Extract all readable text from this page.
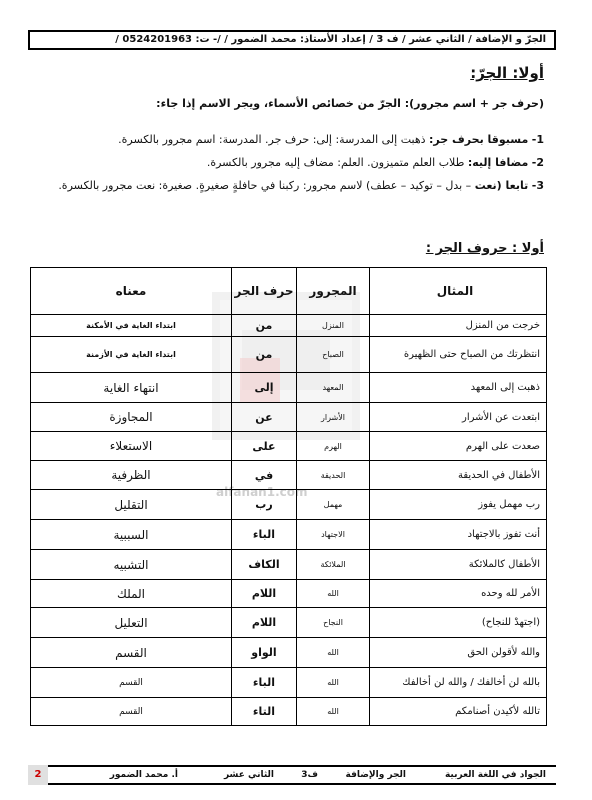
الجرّ و الإضافة / الثاني عشر / ف 3 / إعداد الأستاذ: محمد الضمور / /- ت: 0524201963 /
أولا: الجرّ:
(حرف جر + اسم مجرور): الجرّ من خصائص الأسماء، ويجر الاسم إذا جاء:
1- مسبوقا بحرف جر: ذهبت إلى المدرسة: إلى: حرف جر. المدرسة: اسم مجرور بالكسرة.
2- مضافا إليه: طلاب العلم متميزون. العلم: مضاف إليه مجرور بالكسرة.
3- تابعا (نعت – بدل – توكيد – عطف) لاسم مجرور: ركبنا في حافلةٍ صغيرةٍ. صغيرة: نعت مجرور بالكسرة.
أولا : حروف الجر :
alfanan1.com
المثال	المجرور	حرف الجر	معناه
خرجت من المنزل	المنزل	من	ابتداء الغاية في الأمكنة
انتظرتك من الصباح حتى الظهيرة	الصباح	من	ابتداء الغاية في الأزمنة
ذهبت إلى المعهد	المعهد	إلى	انتهاء الغاية
ابتعدت عن الأشرار	الأشرار	عن	المجاوزة
صعدت على الهرم	الهرم	على	الاستعلاء
الأطفال في الحديقة	الحديقة	في	الظرفية
رب مهمل يفوز	مهمل	رب	التقليل
أنت تفوز بالاجتهاد	الاجتهاد	الباء	السببية
الأطفال كالملائكة	الملائكة	الكاف	التشبيه
الأمر لله وحده	الله	اللام	الملك
(اجتهدْ للنجاح)	النجاح	اللام	التعليل
والله لأقولن الحق	الله	الواو	القسم
بالله لن أخالفك / والله لن أخالفك	الله	الباء	القسم
تالله لأكيدن أصنامكم	الله	التاء	القسم
الجواد في اللغة العربية
الجر والإضافة
ف3
الثاني عشر
أ. محمد الضمور
2
